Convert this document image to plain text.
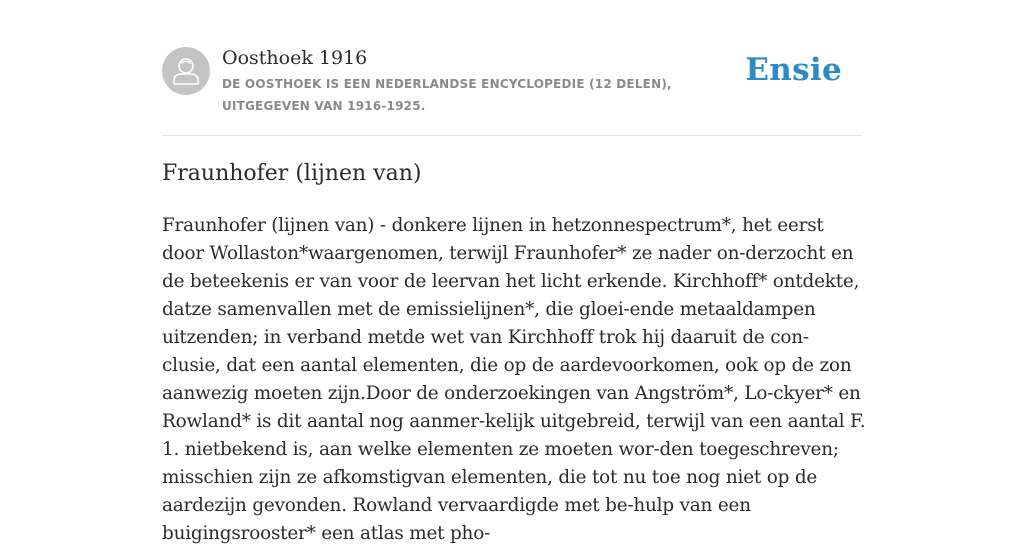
Oosthoek 1916
DE OOSTHOEK IS EEN NEDERLANDSE ENCYCLOPEDIE (12 DELEN), UITGEGEVEN VAN 1916-1925.
Ensie
Fraunhofer (lijnen van)

Fraunhofer (lijnen van) - donkere lijnen in hetzonnespectrum*, het eerst door Wollaston*waargenomen, terwijl Fraunhofer* ze nader on-derzocht en de beteekenis er van voor de leervan het licht erkende. Kirchhoff* ontdekte, datze samenvallen met de emissielijnen*, die gloei-ende metaaldampen uitzenden; in verband metde wet van Kirchhoff trok hij daaruit de con-clusie, dat een aantal elementen, die op de aardevoorkomen, ook op de zon aanwezig moeten zijn.Door de onderzoekingen van Angström*, Lo-ckyer* en Rowland* is dit aantal nog aanmer-kelijk uitgebreid, terwijl van een aantal F. 1. nietbekend is, aan welke elementen ze moeten wor-den toegeschreven; misschien zijn ze afkomstigvan elementen, die tot nu toe nog niet op de aardezijn gevonden. Rowland vervaardigde met be-hulp van een buigingsrooster* een atlas met pho-
